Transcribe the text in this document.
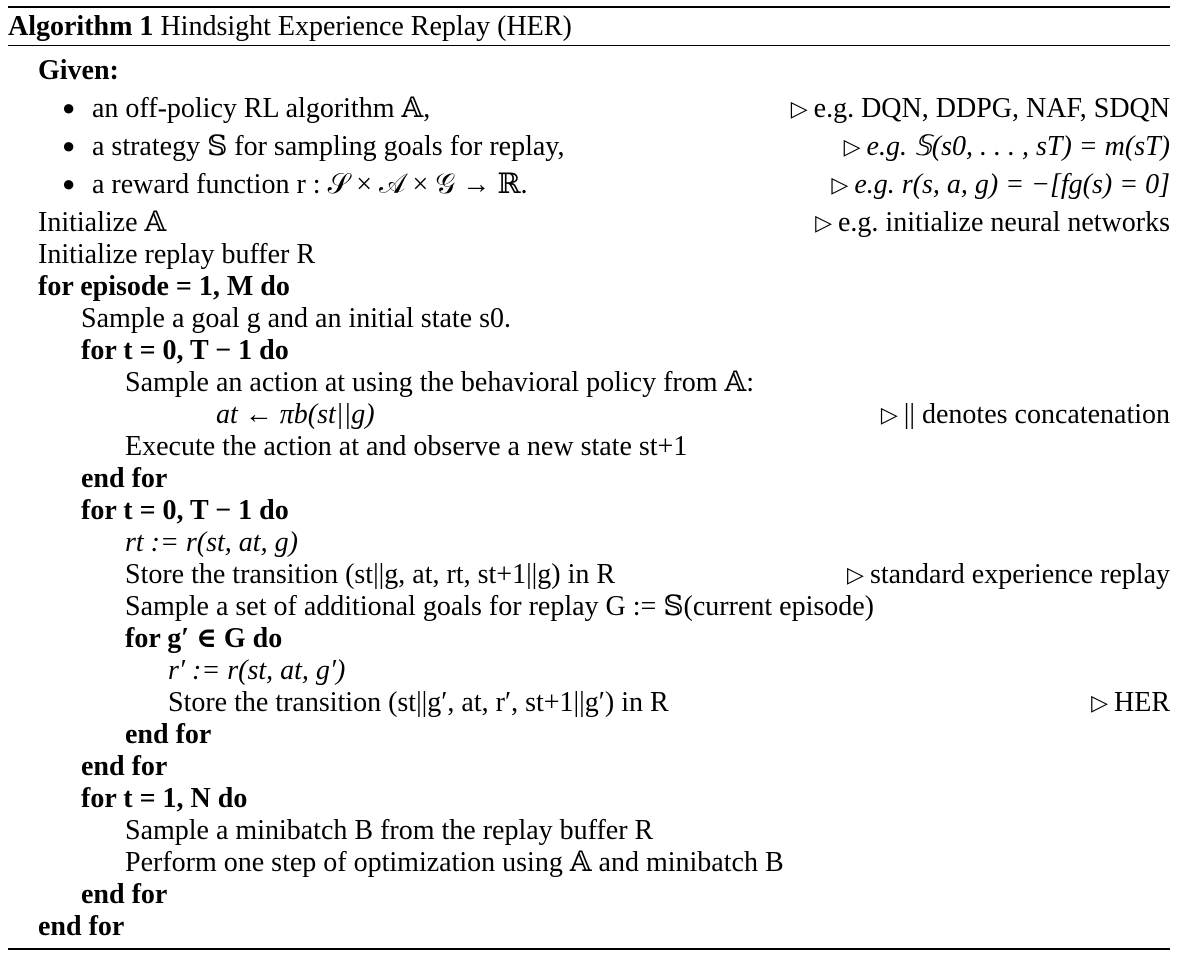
Algorithm 1 Hindsight Experience Replay (HER)
Given:
● an off-policy RL algorithm 𝔸,	▷ e.g. DQN, DDPG, NAF, SDQN
● a strategy 𝕊 for sampling goals for replay,	▷ e.g. 𝕊(s0, . . . , sT) = m(sT)
● a reward function r : 𝒮 × 𝒜 × 𝒢 → ℝ.	▷ e.g. r(s, a, g) = −[fg(s) = 0]
Initialize 𝔸	▷ e.g. initialize neural networks
Initialize replay buffer R
for episode = 1, M do
Sample a goal g and an initial state s0.
for t = 0, T − 1 do
Sample an action at using the behavioral policy from 𝔸:
at ← πb(st||g)	▷ || denotes concatenation
Execute the action at and observe a new state st+1
end for
for t = 0, T − 1 do
rt := r(st, at, g)
Store the transition (st||g, at, rt, st+1||g) in R	▷ standard experience replay
Sample a set of additional goals for replay G := 𝕊(current episode)
for g′ ∈ G do
r′ := r(st, at, g′)
Store the transition (st||g′, at, r′, st+1||g′) in R	▷ HER
end for
end for
for t = 1, N do
Sample a minibatch B from the replay buffer R
Perform one step of optimization using 𝔸 and minibatch B
end for
end for
